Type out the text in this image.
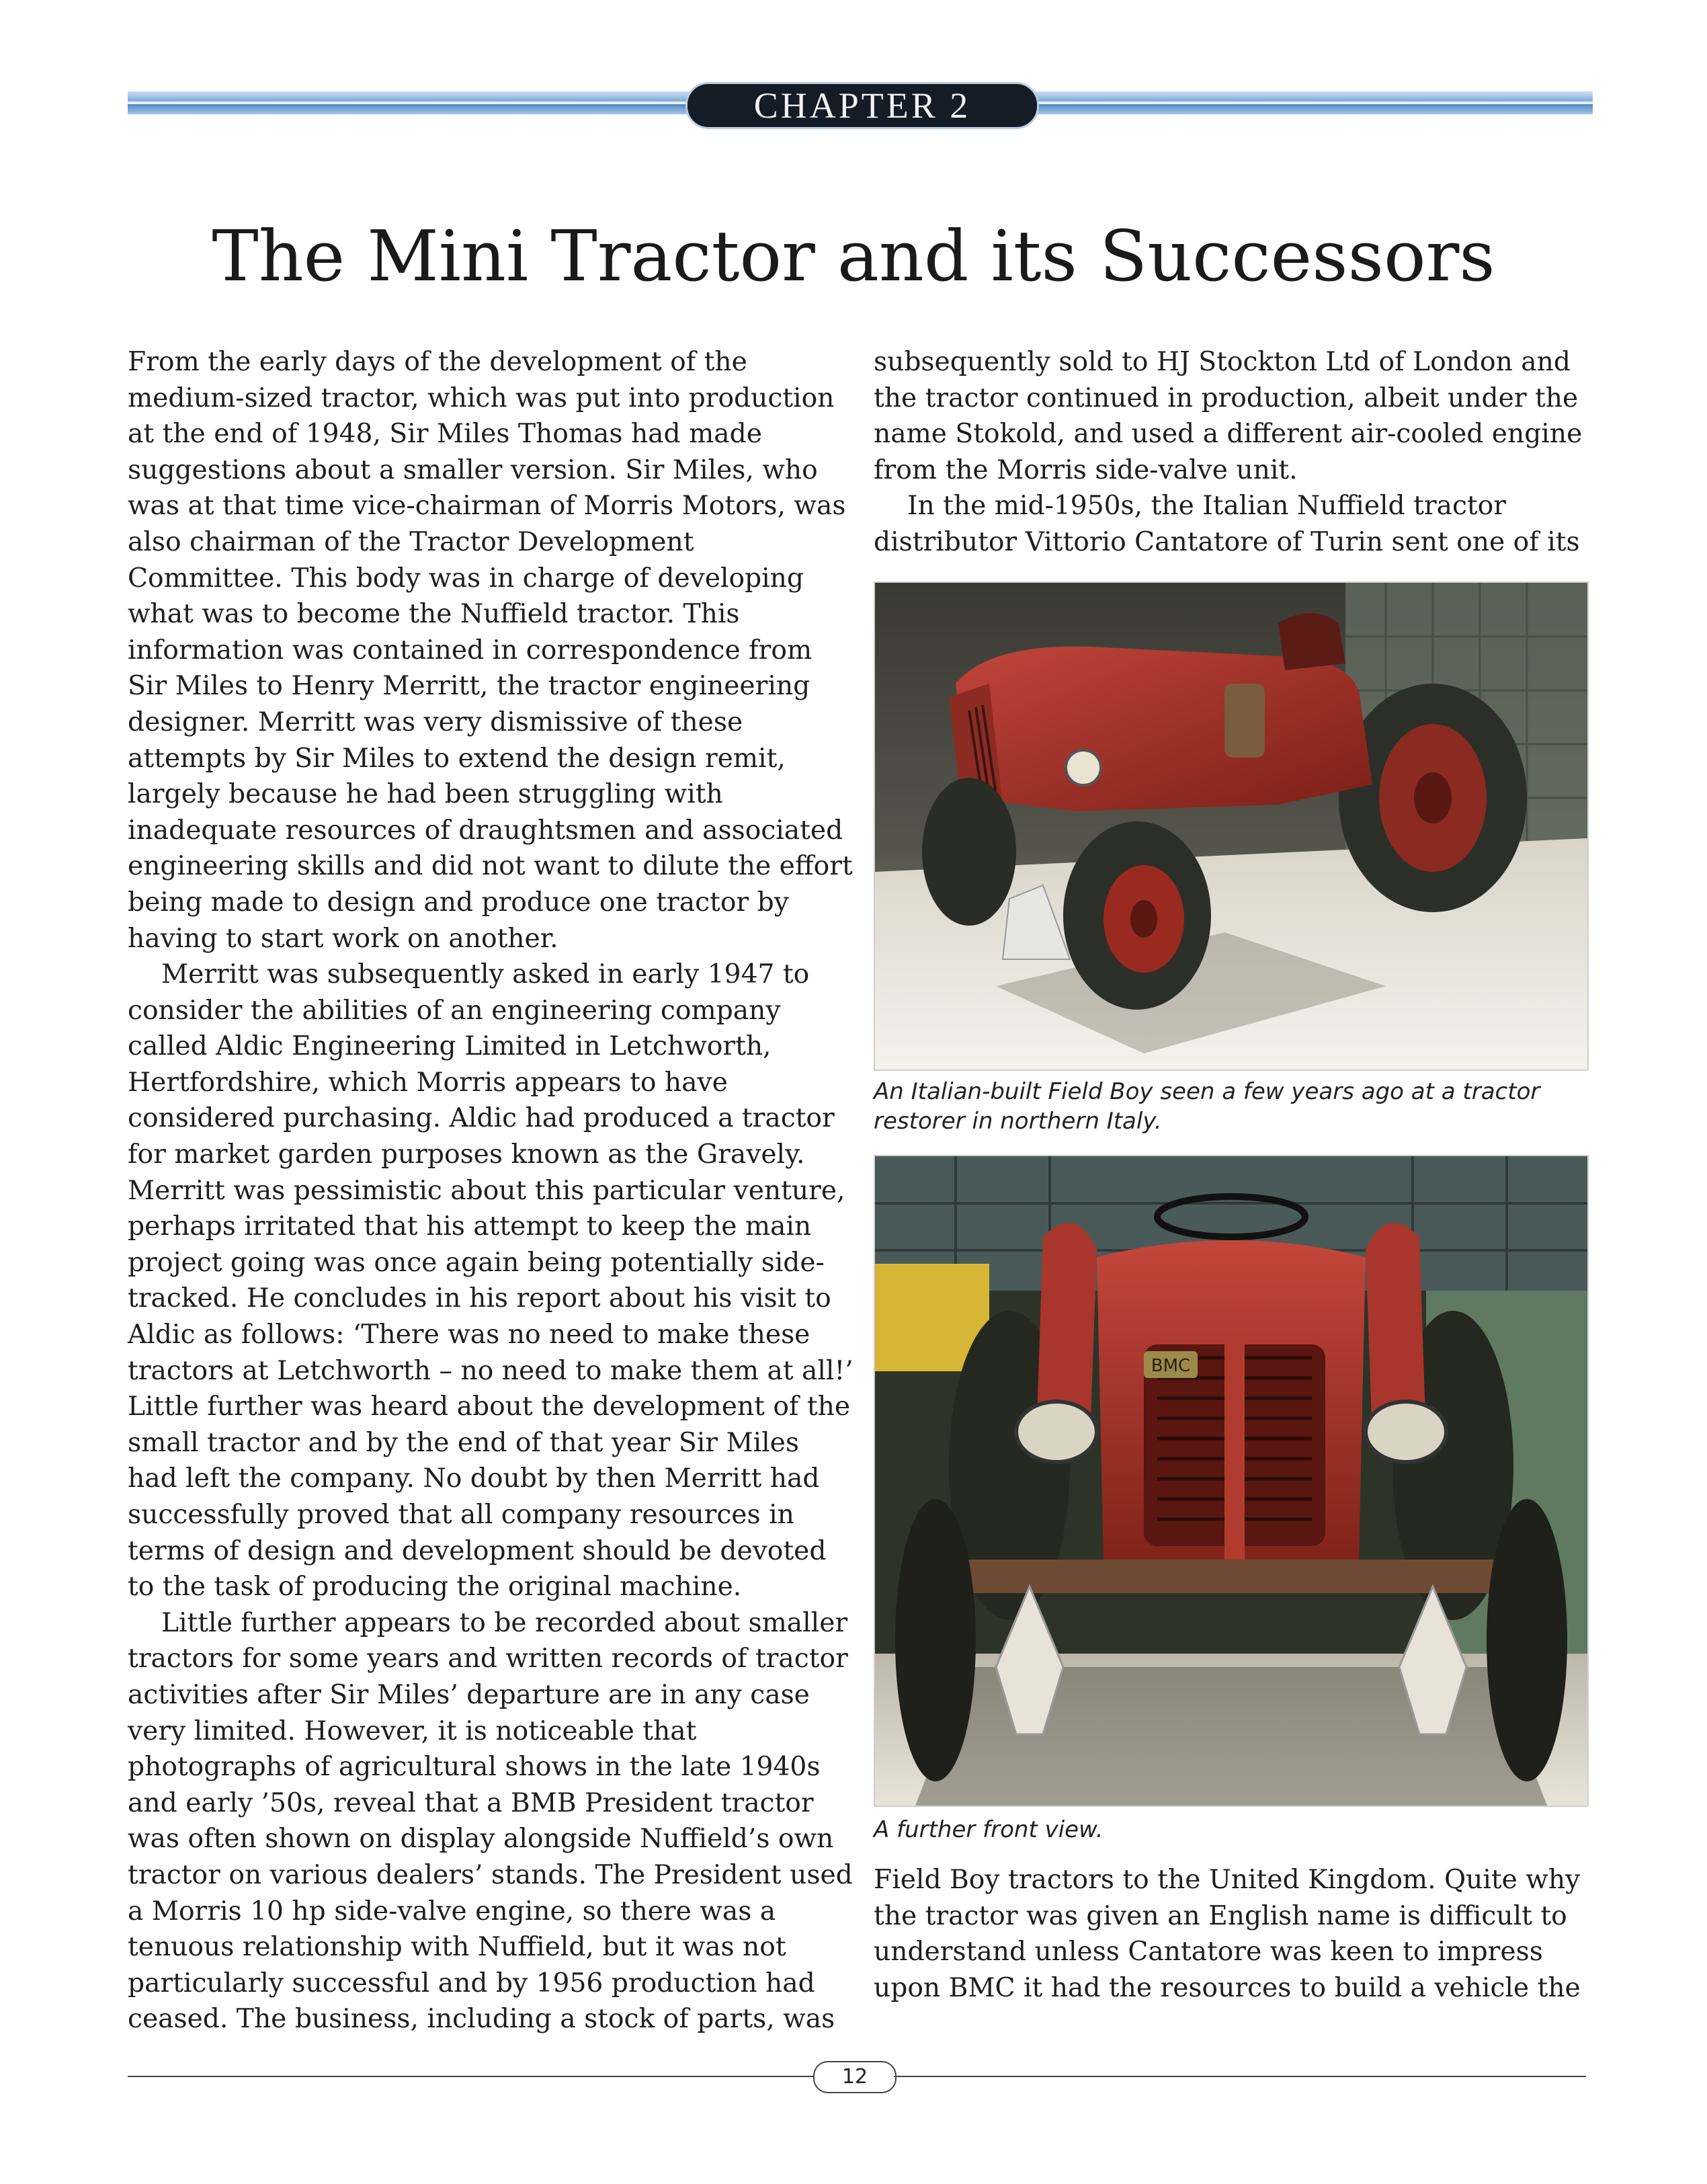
CHAPTER 2
The Mini Tractor and its Successors

From the early days of the development of the medium-sized tractor, which was put into production at the end of 1948, Sir Miles Thomas had made suggestions about a smaller version. Sir Miles, who was at that time vice-chairman of Morris Motors, was also chairman of the Tractor Development Committee. This body was in charge of developing what was to become the Nuffield tractor. This information was contained in correspondence from Sir Miles to Henry Merritt, the tractor engineering designer. Merritt was very dismissive of these attempts by Sir Miles to extend the design remit, largely because he had been struggling with inadequate resources of draughtsmen and associated engineering skills and did not want to dilute the effort being made to design and produce one tractor by having to start work on another.

Merritt was subsequently asked in early 1947 to consider the abilities of an engineering company called Aldic Engineering Limited in Letchworth, Hertfordshire, which Morris appears to have considered purchasing. Aldic had produced a tractor for market garden purposes known as the Gravely. Merritt was pessimistic about this particular venture, perhaps irritated that his attempt to keep the main project going was once again being potentially side-tracked. He concludes in his report about his visit to Aldic as follows: ‘There was no need to make these tractors at Letchworth – no need to make them at all!’ Little further was heard about the development of the small tractor and by the end of that year Sir Miles had left the company. No doubt by then Merritt had successfully proved that all company resources in terms of design and development should be devoted to the task of producing the original machine.

Little further appears to be recorded about smaller tractors for some years and written records of tractor activities after Sir Miles’ departure are in any case very limited. However, it is noticeable that photographs of agricultural shows in the late 1940s and early ’50s, reveal that a BMB President tractor was often shown on display alongside Nuffield’s own tractor on various dealers’ stands. The President used a Morris 10 hp side-valve engine, so there was a tenuous relationship with Nuffield, but it was not particularly successful and by 1956 production had ceased. The business, including a stock of parts, was

subsequently sold to HJ Stockton Ltd of London and the tractor continued in production, albeit under the name Stokold, and used a different air-cooled engine from the Morris side-valve unit.

In the mid-1950s, the Italian Nuffield tractor distributor Vittorio Cantatore of Turin sent one of its

An Italian-built Field Boy seen a few years ago at a tractor restorer in northern Italy.
BMC
A further front view.

Field Boy tractors to the United Kingdom. Quite why the tractor was given an English name is difficult to understand unless Cantatore was keen to impress upon BMC it had the resources to build a vehicle the

12
